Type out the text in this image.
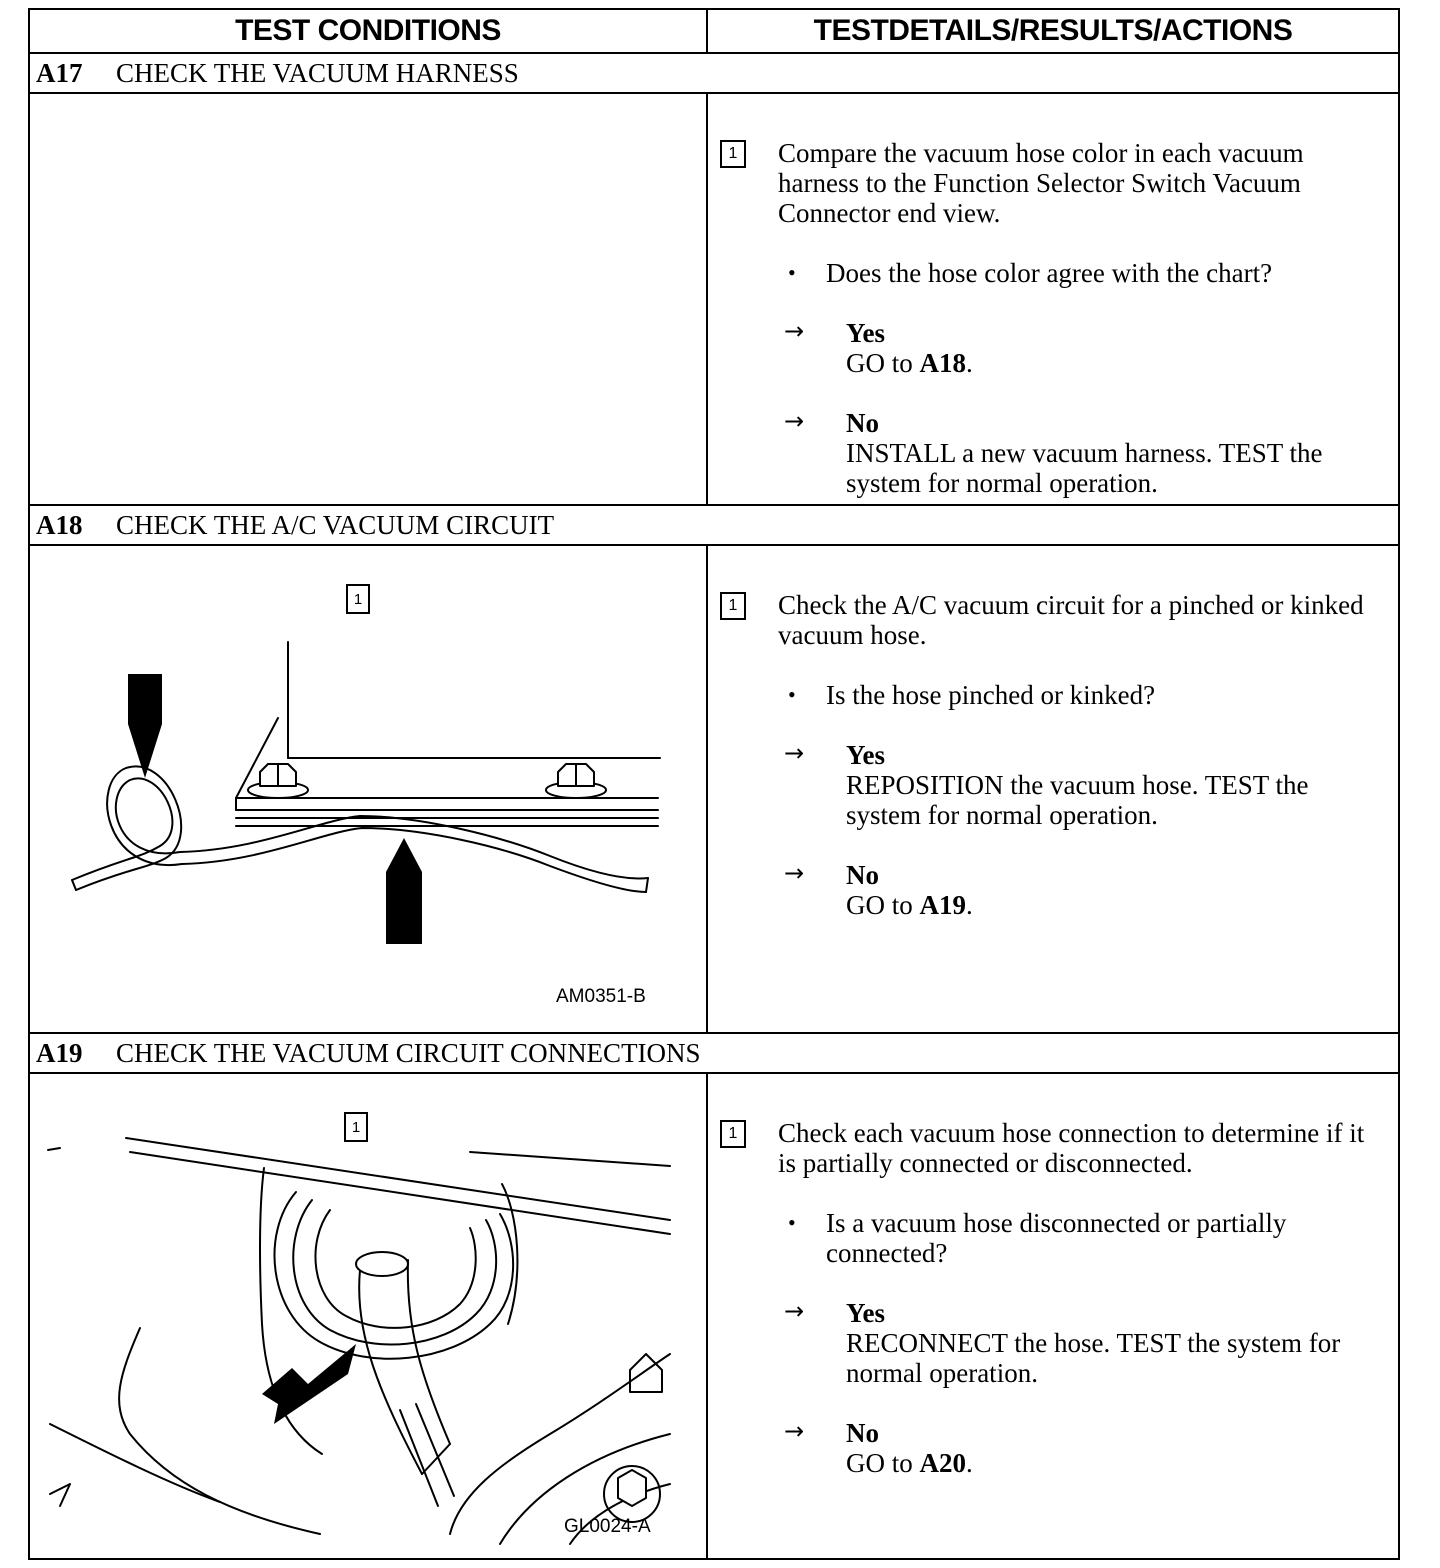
TEST CONDITIONS	TESTDETAILS/RESULTS/ACTIONS
A17	CHECK THE VACUUM HARNESS
1	Compare the vacuum hose color in each vacuum harness to the Function Selector Switch Vacuum Connector end view.
• Does the hose color agree with the chart?
→ Yes
GO to A18.
→ No
INSTALL a new vacuum harness. TEST the system for normal operation.
A18	CHECK THE A/C VACUUM CIRCUIT
1
AM0351-B
1	Check the A/C vacuum circuit for a pinched or kinked vacuum hose.
• Is the hose pinched or kinked?
→ Yes
REPOSITION the vacuum hose. TEST the system for normal operation.
→ No
GO to A19.
A19	CHECK THE VACUUM CIRCUIT CONNECTIONS
1
GL0024-A
1	Check each vacuum hose connection to determine if it is partially connected or disconnected.
• Is a vacuum hose disconnected or partially connected?
→ Yes
RECONNECT the hose. TEST the system for normal operation.
→ No
GO to A20.
